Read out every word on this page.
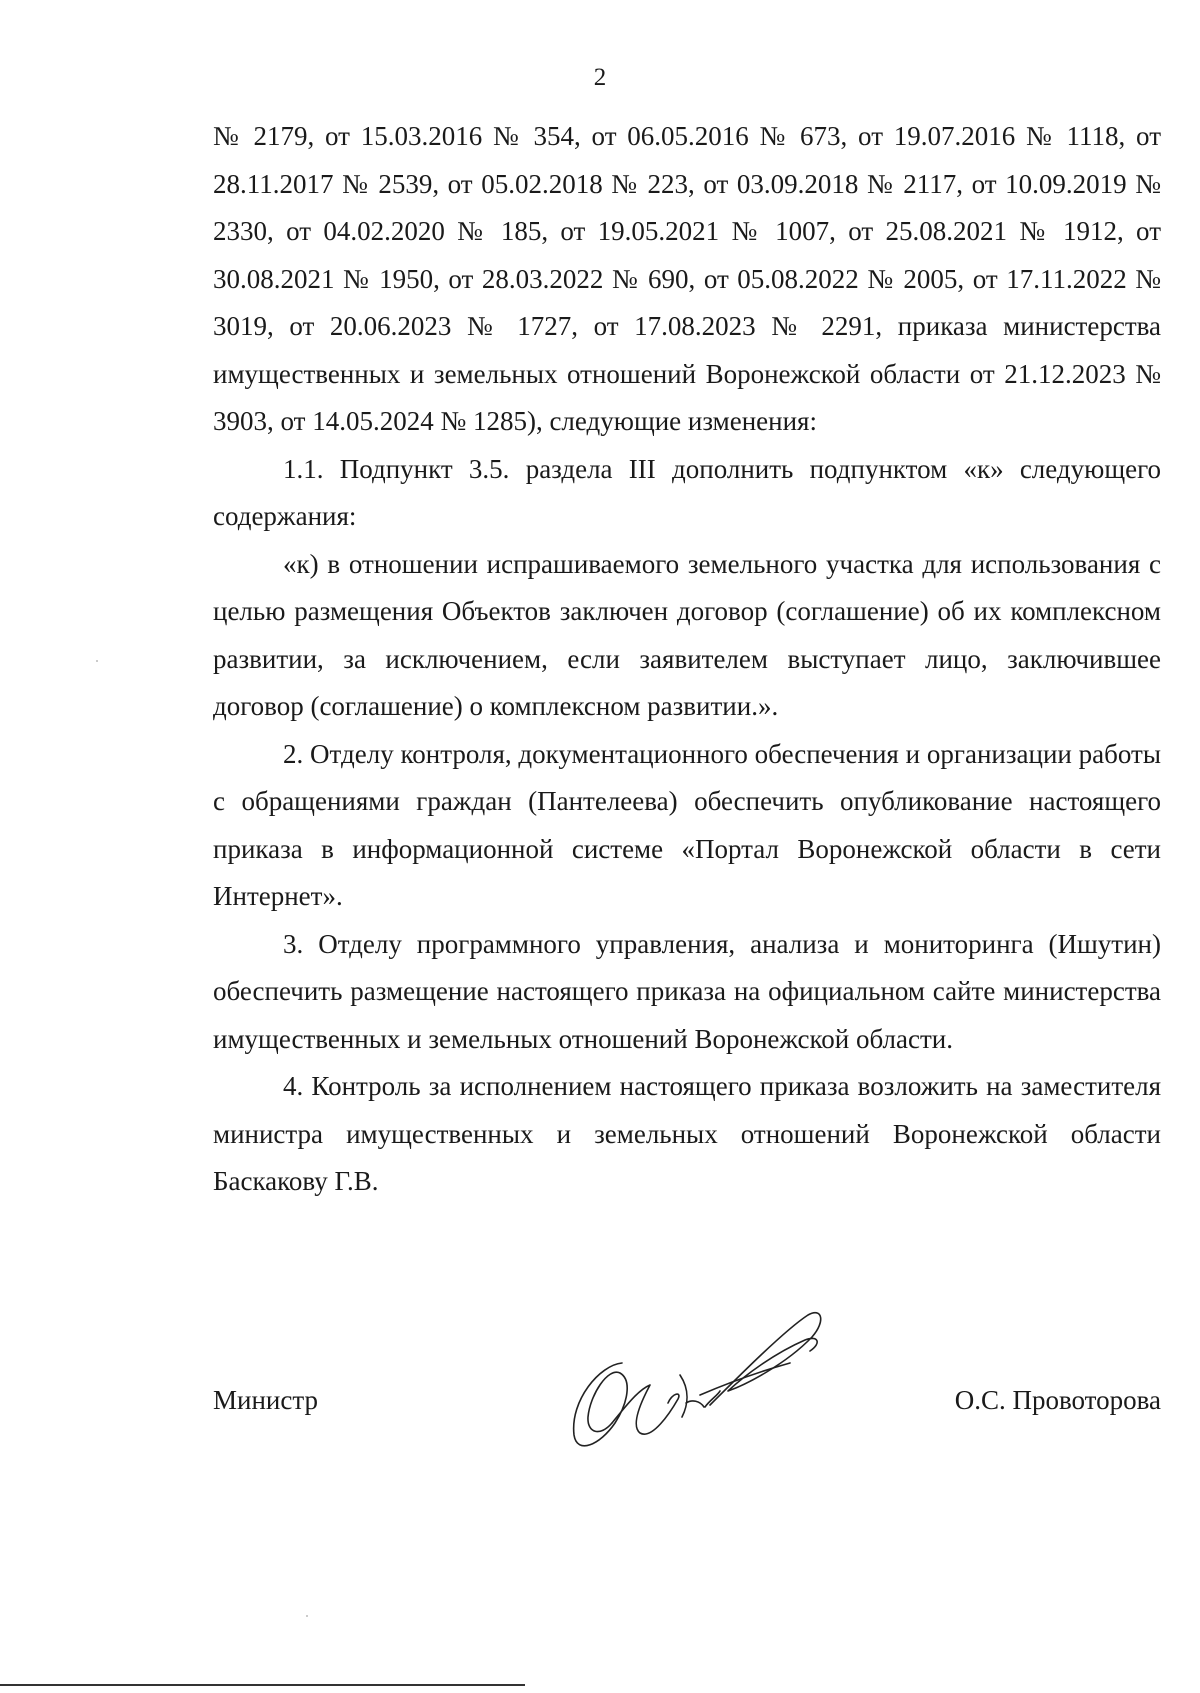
2

№ 2179, от 15.03.2016 № 354, от 06.05.2016 № 673, от 19.07.2016 № 1118, от 28.11.2017 № 2539, от 05.02.2018 № 223, от 03.09.2018 № 2117, от 10.09.2019 № 2330, от 04.02.2020 № 185, от 19.05.2021 № 1007, от 25.08.2021 № 1912, от 30.08.2021 № 1950, от 28.03.2022 № 690, от 05.08.2022 № 2005, от 17.11.2022 № 3019, от 20.06.2023 № 1727, от 17.08.2023 № 2291, приказа министерства имущественных и земельных отношений Воронежской области от 21.12.2023 № 3903, от 14.05.2024 № 1285), следующие изменения:

1.1. Подпункт 3.5. раздела III дополнить подпунктом «к» следующего содержания:

«к) в отношении испрашиваемого земельного участка для использования с целью размещения Объектов заключен договор (соглашение) об их комплексном развитии, за исключением, если заявителем выступает лицо, заключившее договор (соглашение) о комплексном развитии.».

2. Отделу контроля, документационного обеспечения и организации работы с обращениями граждан (Пантелеева) обеспечить опубликование настоящего приказа в информационной системе «Портал Воронежской области в сети Интернет».

3. Отделу программного управления, анализа и мониторинга (Ишутин) обеспечить размещение настоящего приказа на официальном сайте министерства имущественных и земельных отношений Воронежской области.

4. Контроль за исполнением настоящего приказа возложить на заместителя министра имущественных и земельных отношений Воронежской области Баскакову Г.В.

Министр	О.С. Провоторова
